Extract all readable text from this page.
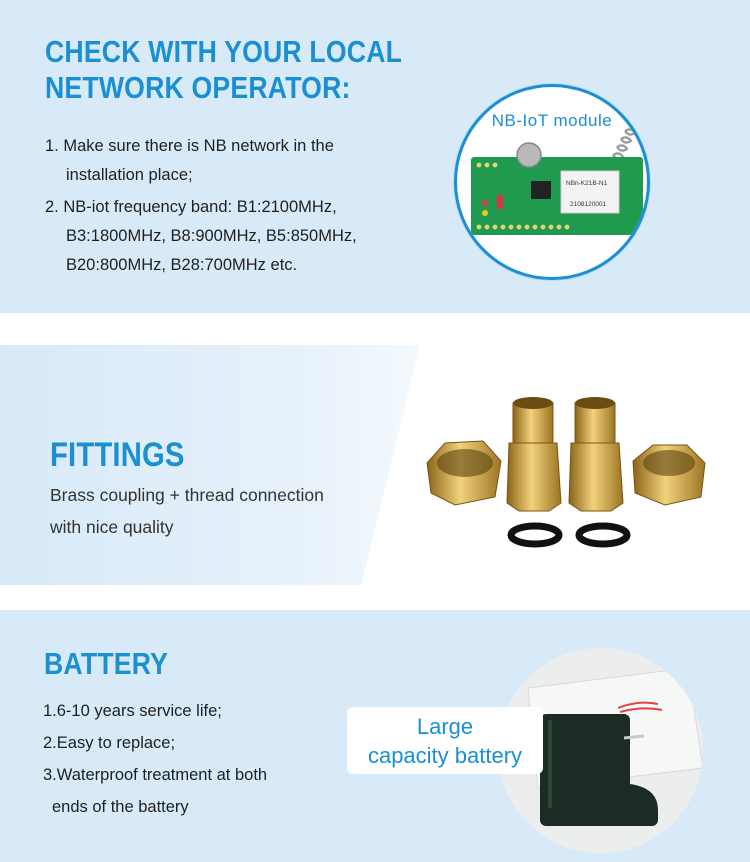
CHECK WITH YOUR LOCAL
NETWORK OPERATOR:
1. Make sure there is NB network in the
installation place;
2. NB-iot frequency band: B1:2100MHz,
B3:1800MHz, B8:900MHz, B5:850MHz,
B20:800MHz, B28:700MHz etc.
NB-IoT module
NBn-K21B-N1
2108120001
FITTINGS
Brass coupling + thread connection
with nice quality
BATTERY
1.6-10 years service life;
2.Easy to replace;
3.Waterproof treatment at both
ends of the battery
Large
capacity battery
